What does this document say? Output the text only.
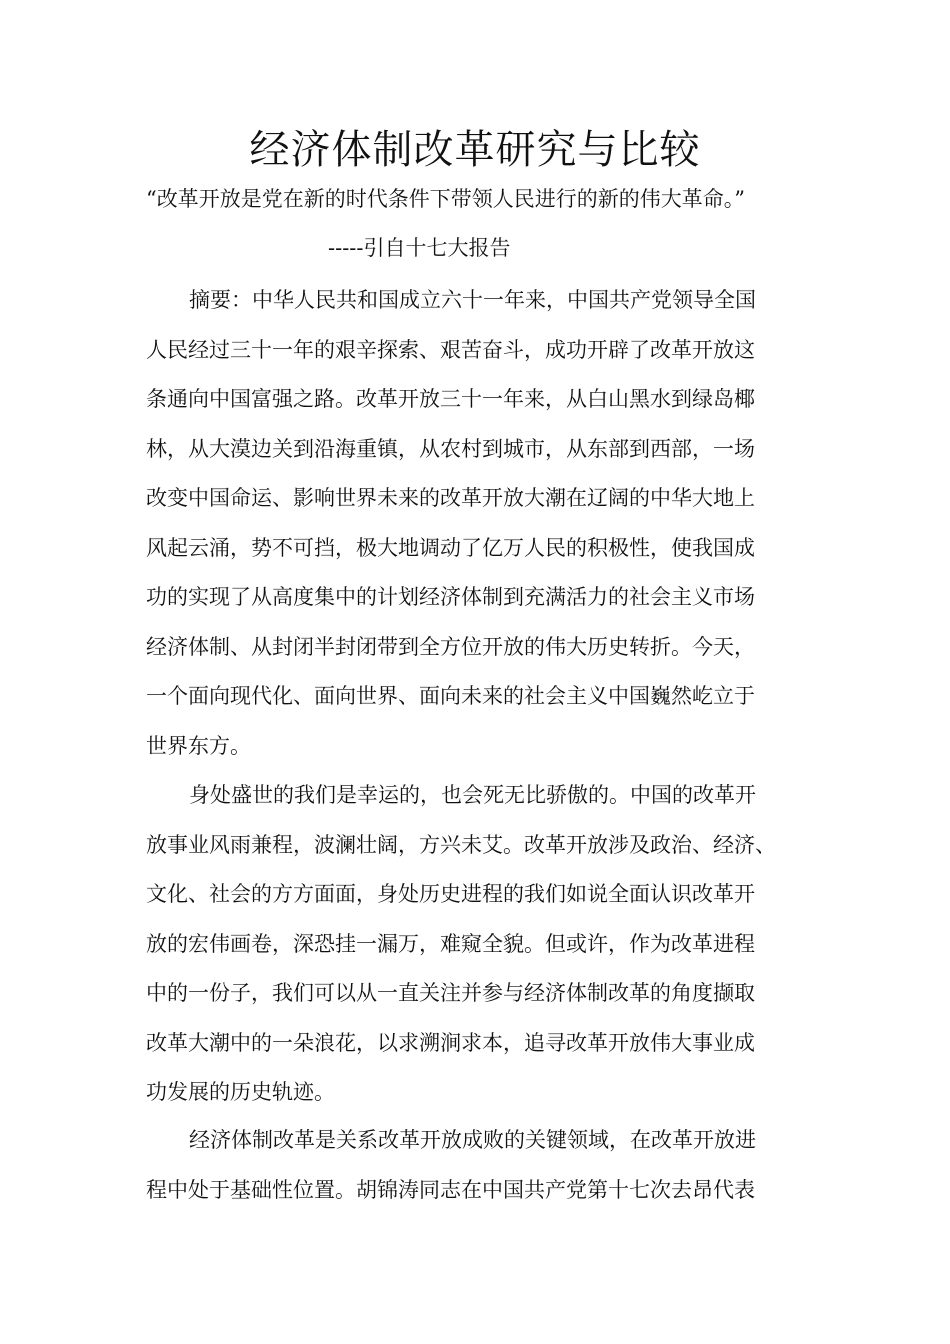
经济体制改革研究与比较
“改革开放是党在新的时代条件下带领人民进行的新的伟大革命。”
-----引自十七大报告
摘要：中华人民共和国成立六十一年来，中国共产党领导全国
人民经过三十一年的艰辛探索、艰苦奋斗，成功开辟了改革开放这
条通向中国富强之路。改革开放三十一年来，从白山黑水到绿岛椰
林，从大漠边关到沿海重镇，从农村到城市，从东部到西部，一场
改变中国命运、影响世界未来的改革开放大潮在辽阔的中华大地上
风起云涌，势不可挡，极大地调动了亿万人民的积极性，使我国成
功的实现了从高度集中的计划经济体制到充满活力的社会主义市场
经济体制、从封闭半封闭带到全方位开放的伟大历史转折。今天，
一个面向现代化、面向世界、面向未来的社会主义中国巍然屹立于
世界东方。
身处盛世的我们是幸运的，也会死无比骄傲的。中国的改革开
放事业风雨兼程，波澜壮阔，方兴未艾。改革开放涉及政治、经济、
文化、社会的方方面面，身处历史进程的我们如说全面认识改革开
放的宏伟画卷，深恐挂一漏万，难窥全貌。但或许，作为改革进程
中的一份子，我们可以从一直关注并参与经济体制改革的角度撷取
改革大潮中的一朵浪花，以求溯涧求本，追寻改革开放伟大事业成
功发展的历史轨迹。
经济体制改革是关系改革开放成败的关键领域，在改革开放进
程中处于基础性位置。胡锦涛同志在中国共产党第十七次去昂代表
